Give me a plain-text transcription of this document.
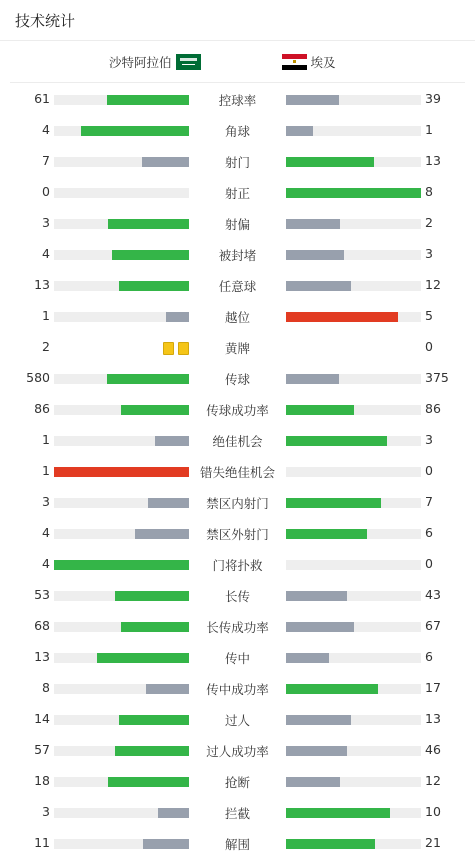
技术统计
沙特阿拉伯	埃及
61	控球率	39
4	角球	1
7	射门	13
0	射正	8
3	射偏	2
4	被封堵	3
13	任意球	12
1	越位	5
2	黄牌	0
580	传球	375
86	传球成功率	86
1	绝佳机会	3
1	错失绝佳机会	0
3	禁区内射门	7
4	禁区外射门	6
4	门将扑救	0
53	长传	43
68	长传成功率	67
13	传中	6
8	传中成功率	17
14	过人	13
57	过人成功率	46
18	抢断	12
3	拦截	10
11	解围	21
